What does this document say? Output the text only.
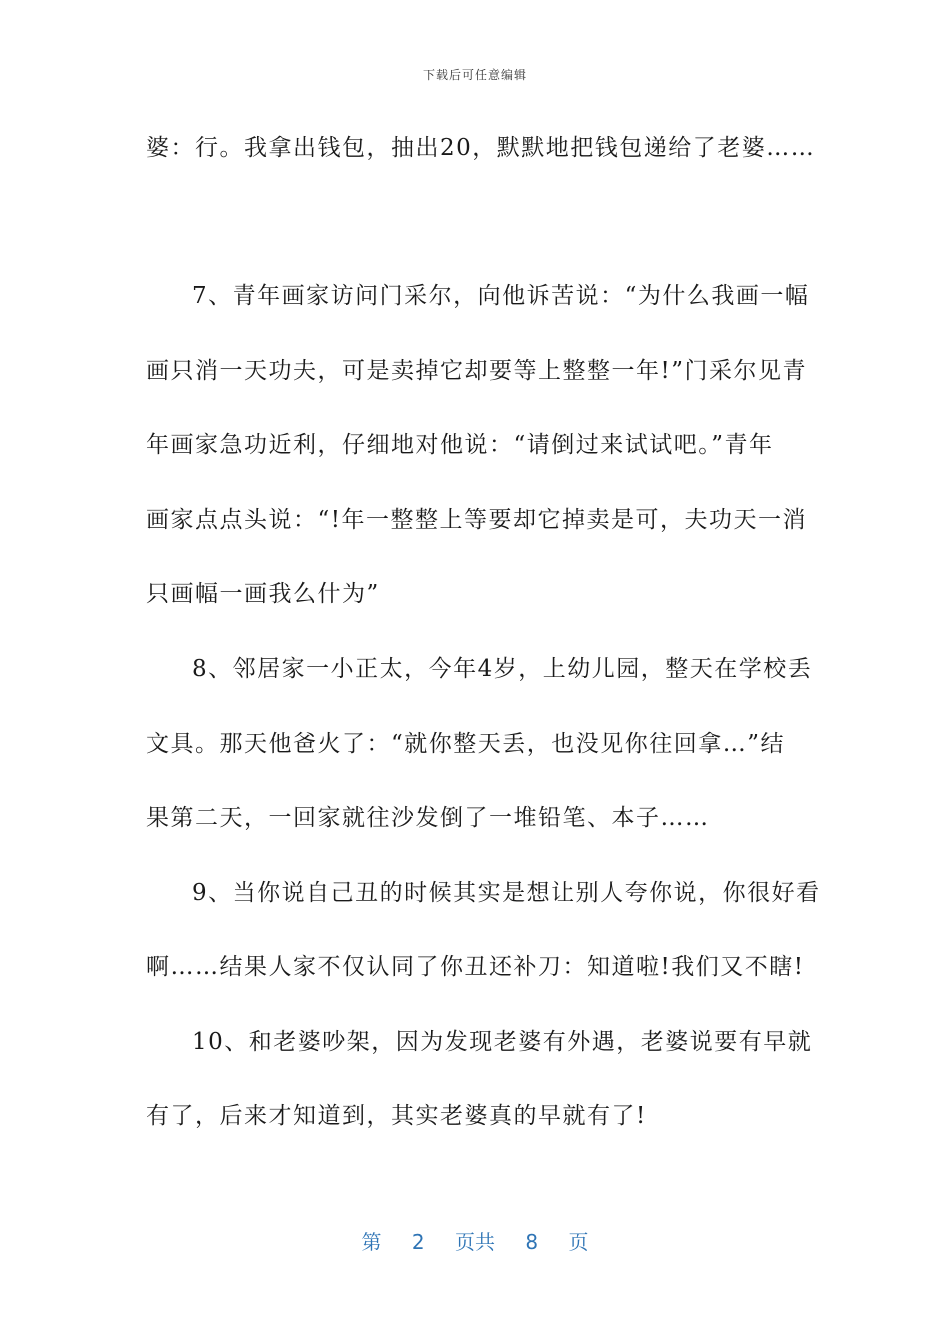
下载后可任意编辑
婆：行。我拿出钱包，抽出20，默默地把钱包递给了老婆……
7、青年画家访问门采尔，向他诉苦说：“为什么我画一幅
画只消一天功夫，可是卖掉它却要等上整整一年!”门采尔见青
年画家急功近利，仔细地对他说：“请倒过来试试吧。”青年
画家点点头说：“!年一整整上等要却它掉卖是可，夫功天一消
只画幅一画我么什为”
8、邻居家一小正太，今年4岁，上幼儿园，整天在学校丢
文具。那天他爸火了：“就你整天丢，也没见你往回拿…”结
果第二天，一回家就往沙发倒了一堆铅笔、本子……
9、当你说自己丑的时候其实是想让别人夸你说，你很好看
啊……结果人家不仅认同了你丑还补刀：知道啦!我们又不瞎!
10、和老婆吵架，因为发现老婆有外遇，老婆说要有早就
有了，后来才知道到，其实老婆真的早就有了!
第 2 页共 8 页
